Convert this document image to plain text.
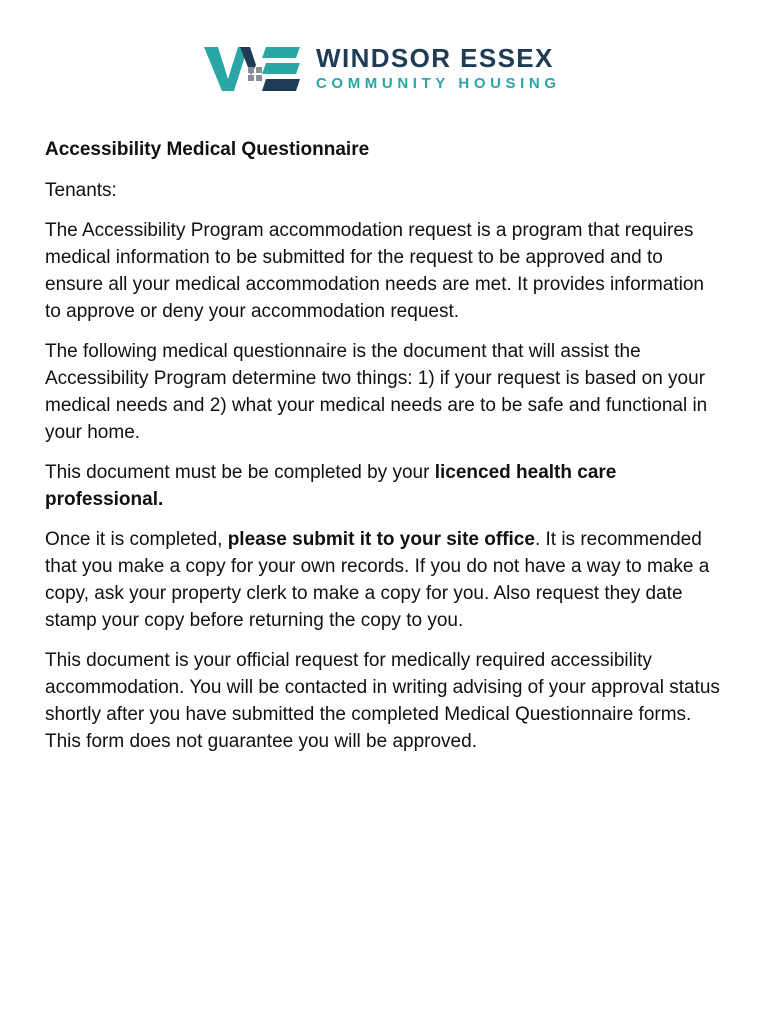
WINDSOR ESSEX
COMMUNITY HOUSING
Accessibility Medical Questionnaire

Tenants:

The Accessibility Program accommodation request is a program that requires medical information to be submitted for the request to be approved and to ensure all your medical accommodation needs are met. It provides information to approve or deny your accommodation request.

The following medical questionnaire is the document that will assist the Accessibility Program determine two things: 1) if your request is based on your medical needs and 2) what your medical needs are to be safe and functional in your home.

This document must be be completed by your licenced health care professional.

Once it is completed, please submit it to your site office. It is recommended that you make a copy for your own records. If you do not have a way to make a copy, ask your property clerk to make a copy for you. Also request they date stamp your copy before returning the copy to you.

This document is your official request for medically required accessibility accommodation. You will be contacted in writing advising of your approval status shortly after you have submitted the completed Medical Questionnaire forms. This form does not guarantee you will be approved.
